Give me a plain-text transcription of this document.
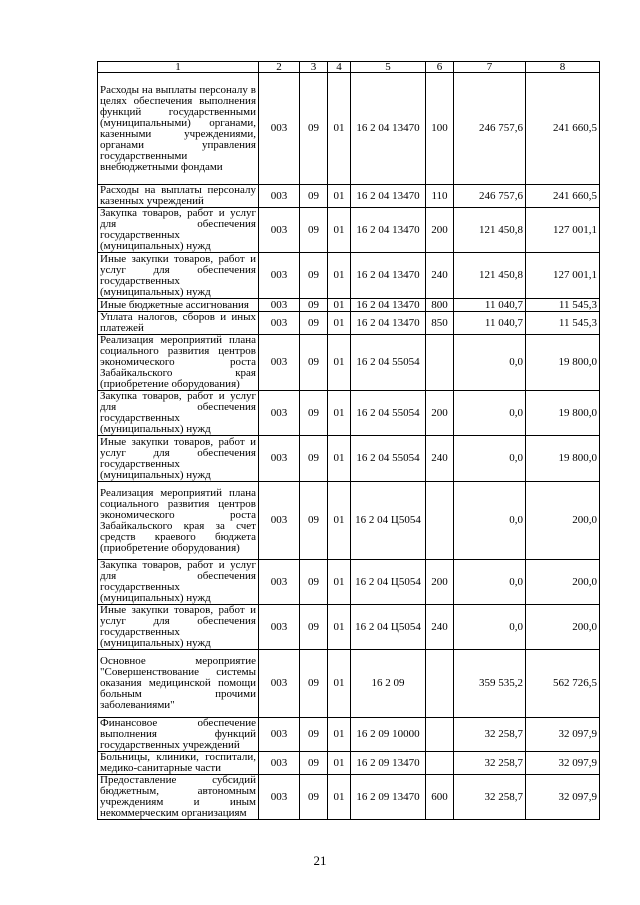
1	2	3	4	5	6	7	8
Расходы на выплаты персоналу в целях обеспечения выполнения функций государственными (муниципальными) органами, казенными учреждениями, органами управления государственными внебюджетными фондами	003	09	01	16 2 04 13470	100	246 757,6	241 660,5
Расходы на выплаты персоналу казенных учреждений	003	09	01	16 2 04 13470	110	246 757,6	241 660,5
Закупка товаров, работ и услуг для обеспечения государственных (муниципальных) нужд	003	09	01	16 2 04 13470	200	121 450,8	127 001,1
Иные закупки товаров, работ и услуг для обеспечения государственных (муниципальных) нужд	003	09	01	16 2 04 13470	240	121 450,8	127 001,1
Иные бюджетные ассигнования	003	09	01	16 2 04 13470	800	11 040,7	11 545,3
Уплата налогов, сборов и иных платежей	003	09	01	16 2 04 13470	850	11 040,7	11 545,3
Реализация мероприятий плана социального развития центров экономического роста Забайкальского края (приобретение оборудования)	003	09	01	16 2 04 55054		0,0	19 800,0
Закупка товаров, работ и услуг для обеспечения государственных (муниципальных) нужд	003	09	01	16 2 04 55054	200	0,0	19 800,0
Иные закупки товаров, работ и услуг для обеспечения государственных (муниципальных) нужд	003	09	01	16 2 04 55054	240	0,0	19 800,0
Реализация мероприятий плана социального развития центров экономического роста Забайкальского края за счет средств краевого бюджета (приобретение оборудования)	003	09	01	16 2 04 Ц5054		0,0	200,0
Закупка товаров, работ и услуг для обеспечения государственных (муниципальных) нужд	003	09	01	16 2 04 Ц5054	200	0,0	200,0
Иные закупки товаров, работ и услуг для обеспечения государственных (муниципальных) нужд	003	09	01	16 2 04 Ц5054	240	0,0	200,0
Основное мероприятие "Совершенствование системы оказания медицинской помощи больным прочими заболеваниями"	003	09	01	16 2 09		359 535,2	562 726,5
Финансовое обеспечение выполнения функций государственных учреждений	003	09	01	16 2 09 10000		32 258,7	32 097,9
Больницы, клиники, госпитали, медико-санитарные части	003	09	01	16 2 09 13470		32 258,7	32 097,9
Предоставление субсидий бюджетным, автономным учреждениям и иным некоммерческим организациям	003	09	01	16 2 09 13470	600	32 258,7	32 097,9
21
